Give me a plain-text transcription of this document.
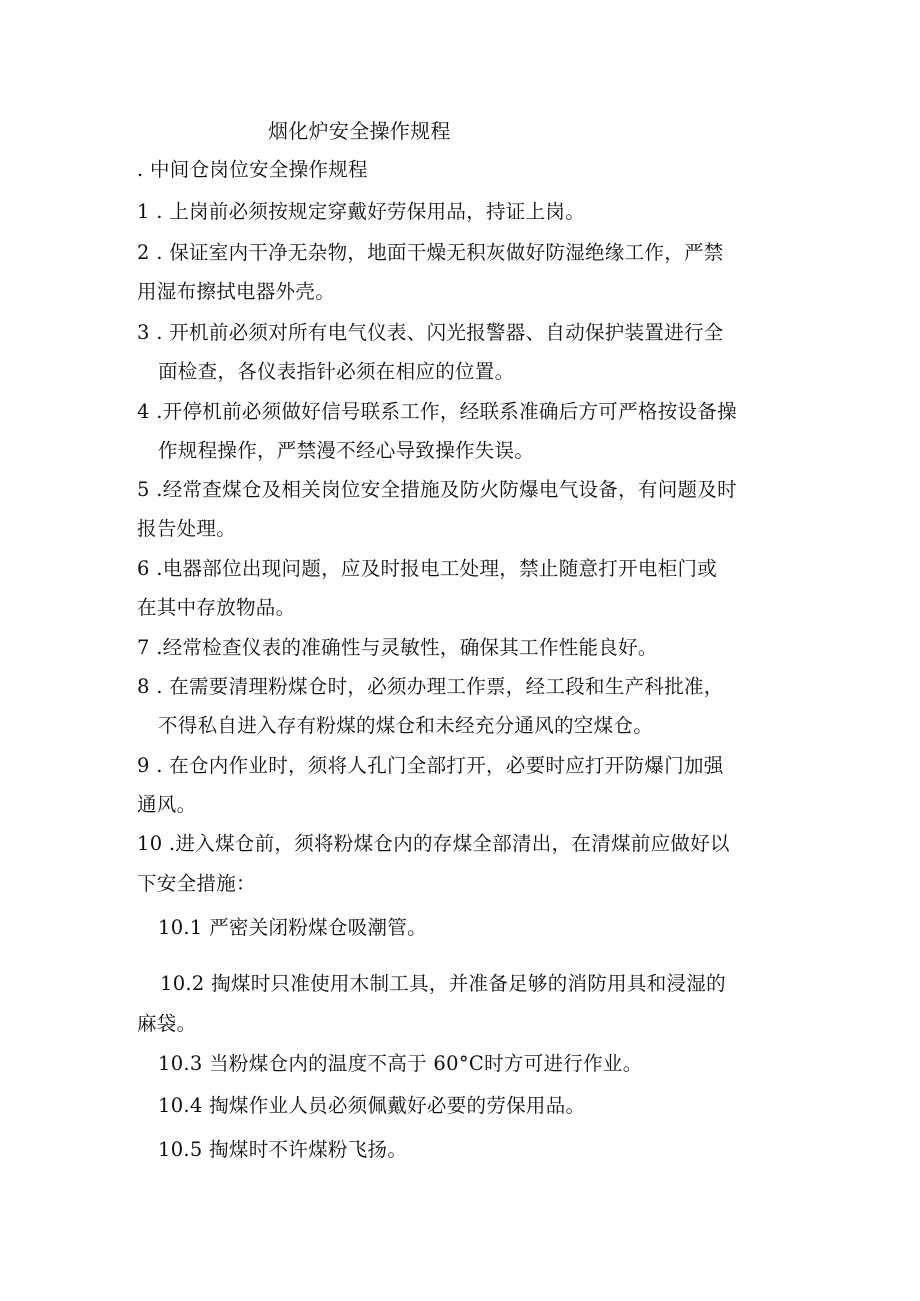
烟化炉安全操作规程
. 中间仓岗位安全操作规程
1 . 上岗前必须按规定穿戴好劳保用品，持证上岗。
2 . 保证室内干净无杂物，地面干燥无积灰做好防湿绝缘工作，严禁
用湿布擦拭电器外壳。
3 . 开机前必须对所有电气仪表、闪光报警器、自动保护装置进行全
面检查，各仪表指针必须在相应的位置。
4 .开停机前必须做好信号联系工作，经联系准确后方可严格按设备操
作规程操作，严禁漫不经心导致操作失误。
5 .经常查煤仓及相关岗位安全措施及防火防爆电气设备，有问题及时
报告处理。
6 .电器部位出现问题，应及时报电工处理，禁止随意打开电柜门或
在其中存放物品。
7 .经常检查仪表的准确性与灵敏性，确保其工作性能良好。
8 . 在需要清理粉煤仓时，必须办理工作票，经工段和生产科批准，
不得私自进入存有粉煤的煤仓和未经充分通风的空煤仓。
9 . 在仓内作业时，须将人孔门全部打开，必要时应打开防爆门加强
通风。
10 .进入煤仓前，须将粉煤仓内的存煤全部清出，在清煤前应做好以
下安全措施：
10.1 严密关闭粉煤仓吸潮管。
10.2 掏煤时只准使用木制工具，并准备足够的消防用具和浸湿的
麻袋。
10.3 当粉煤仓内的温度不高于 60°C时方可进行作业。
10.4 掏煤作业人员必须佩戴好必要的劳保用品。
10.5 掏煤时不许煤粉飞扬。
